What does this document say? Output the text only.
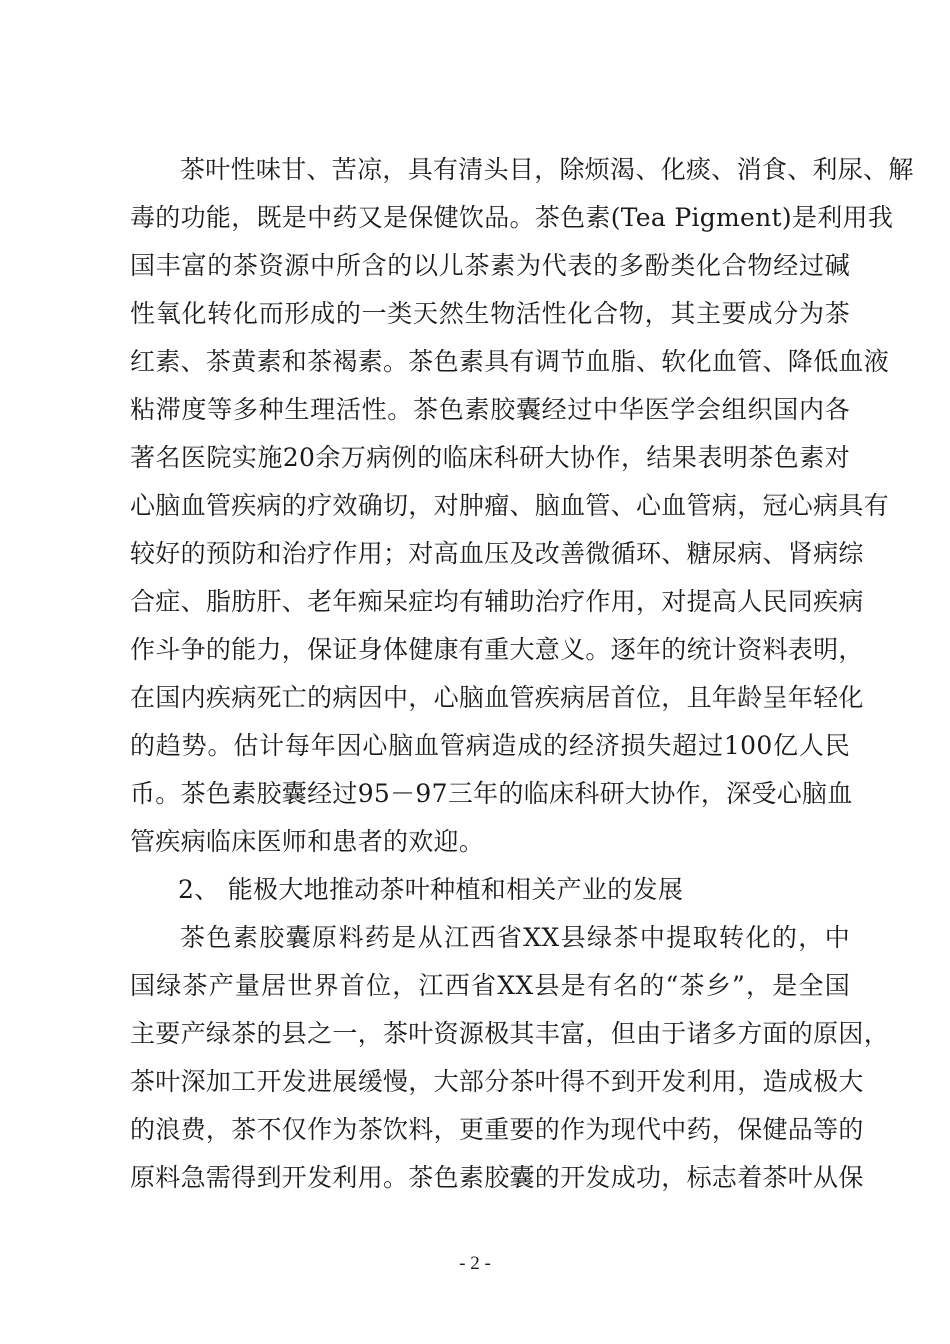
茶叶性味甘、苦凉，具有清头目，除烦渴、化痰、消食、利尿、解
毒的功能，既是中药又是保健饮品。茶色素(Tea Pigment)是利用我
国丰富的茶资源中所含的以儿茶素为代表的多酚类化合物经过碱
性氧化转化而形成的一类天然生物活性化合物，其主要成分为茶
红素、茶黄素和茶褐素。茶色素具有调节血脂、软化血管、降低血液
粘滞度等多种生理活性。茶色素胶囊经过中华医学会组织国内各
著名医院实施20余万病例的临床科研大协作，结果表明茶色素对
心脑血管疾病的疗效确切，对肿瘤、脑血管、心血管病，冠心病具有
较好的预防和治疗作用；对高血压及改善微循环、糖尿病、肾病综
合症、脂肪肝、老年痴呆症均有辅助治疗作用，对提高人民同疾病
作斗争的能力，保证身体健康有重大意义。逐年的统计资料表明，
在国内疾病死亡的病因中，心脑血管疾病居首位，且年龄呈年轻化
的趋势。估计每年因心脑血管病造成的经济损失超过100亿人民
币。茶色素胶囊经过95－97三年的临床科研大协作，深受心脑血
管疾病临床医师和患者的欢迎。
2、 能极大地推动茶叶种植和相关产业的发展
茶色素胶囊原料药是从江西省XX县绿茶中提取转化的，中
国绿茶产量居世界首位，江西省XX县是有名的“茶乡”，是全国
主要产绿茶的县之一，茶叶资源极其丰富，但由于诸多方面的原因，
茶叶深加工开发进展缓慢，大部分茶叶得不到开发利用，造成极大
的浪费，茶不仅作为茶饮料，更重要的作为现代中药，保健品等的
原料急需得到开发利用。茶色素胶囊的开发成功，标志着茶叶从保
- 2 -
